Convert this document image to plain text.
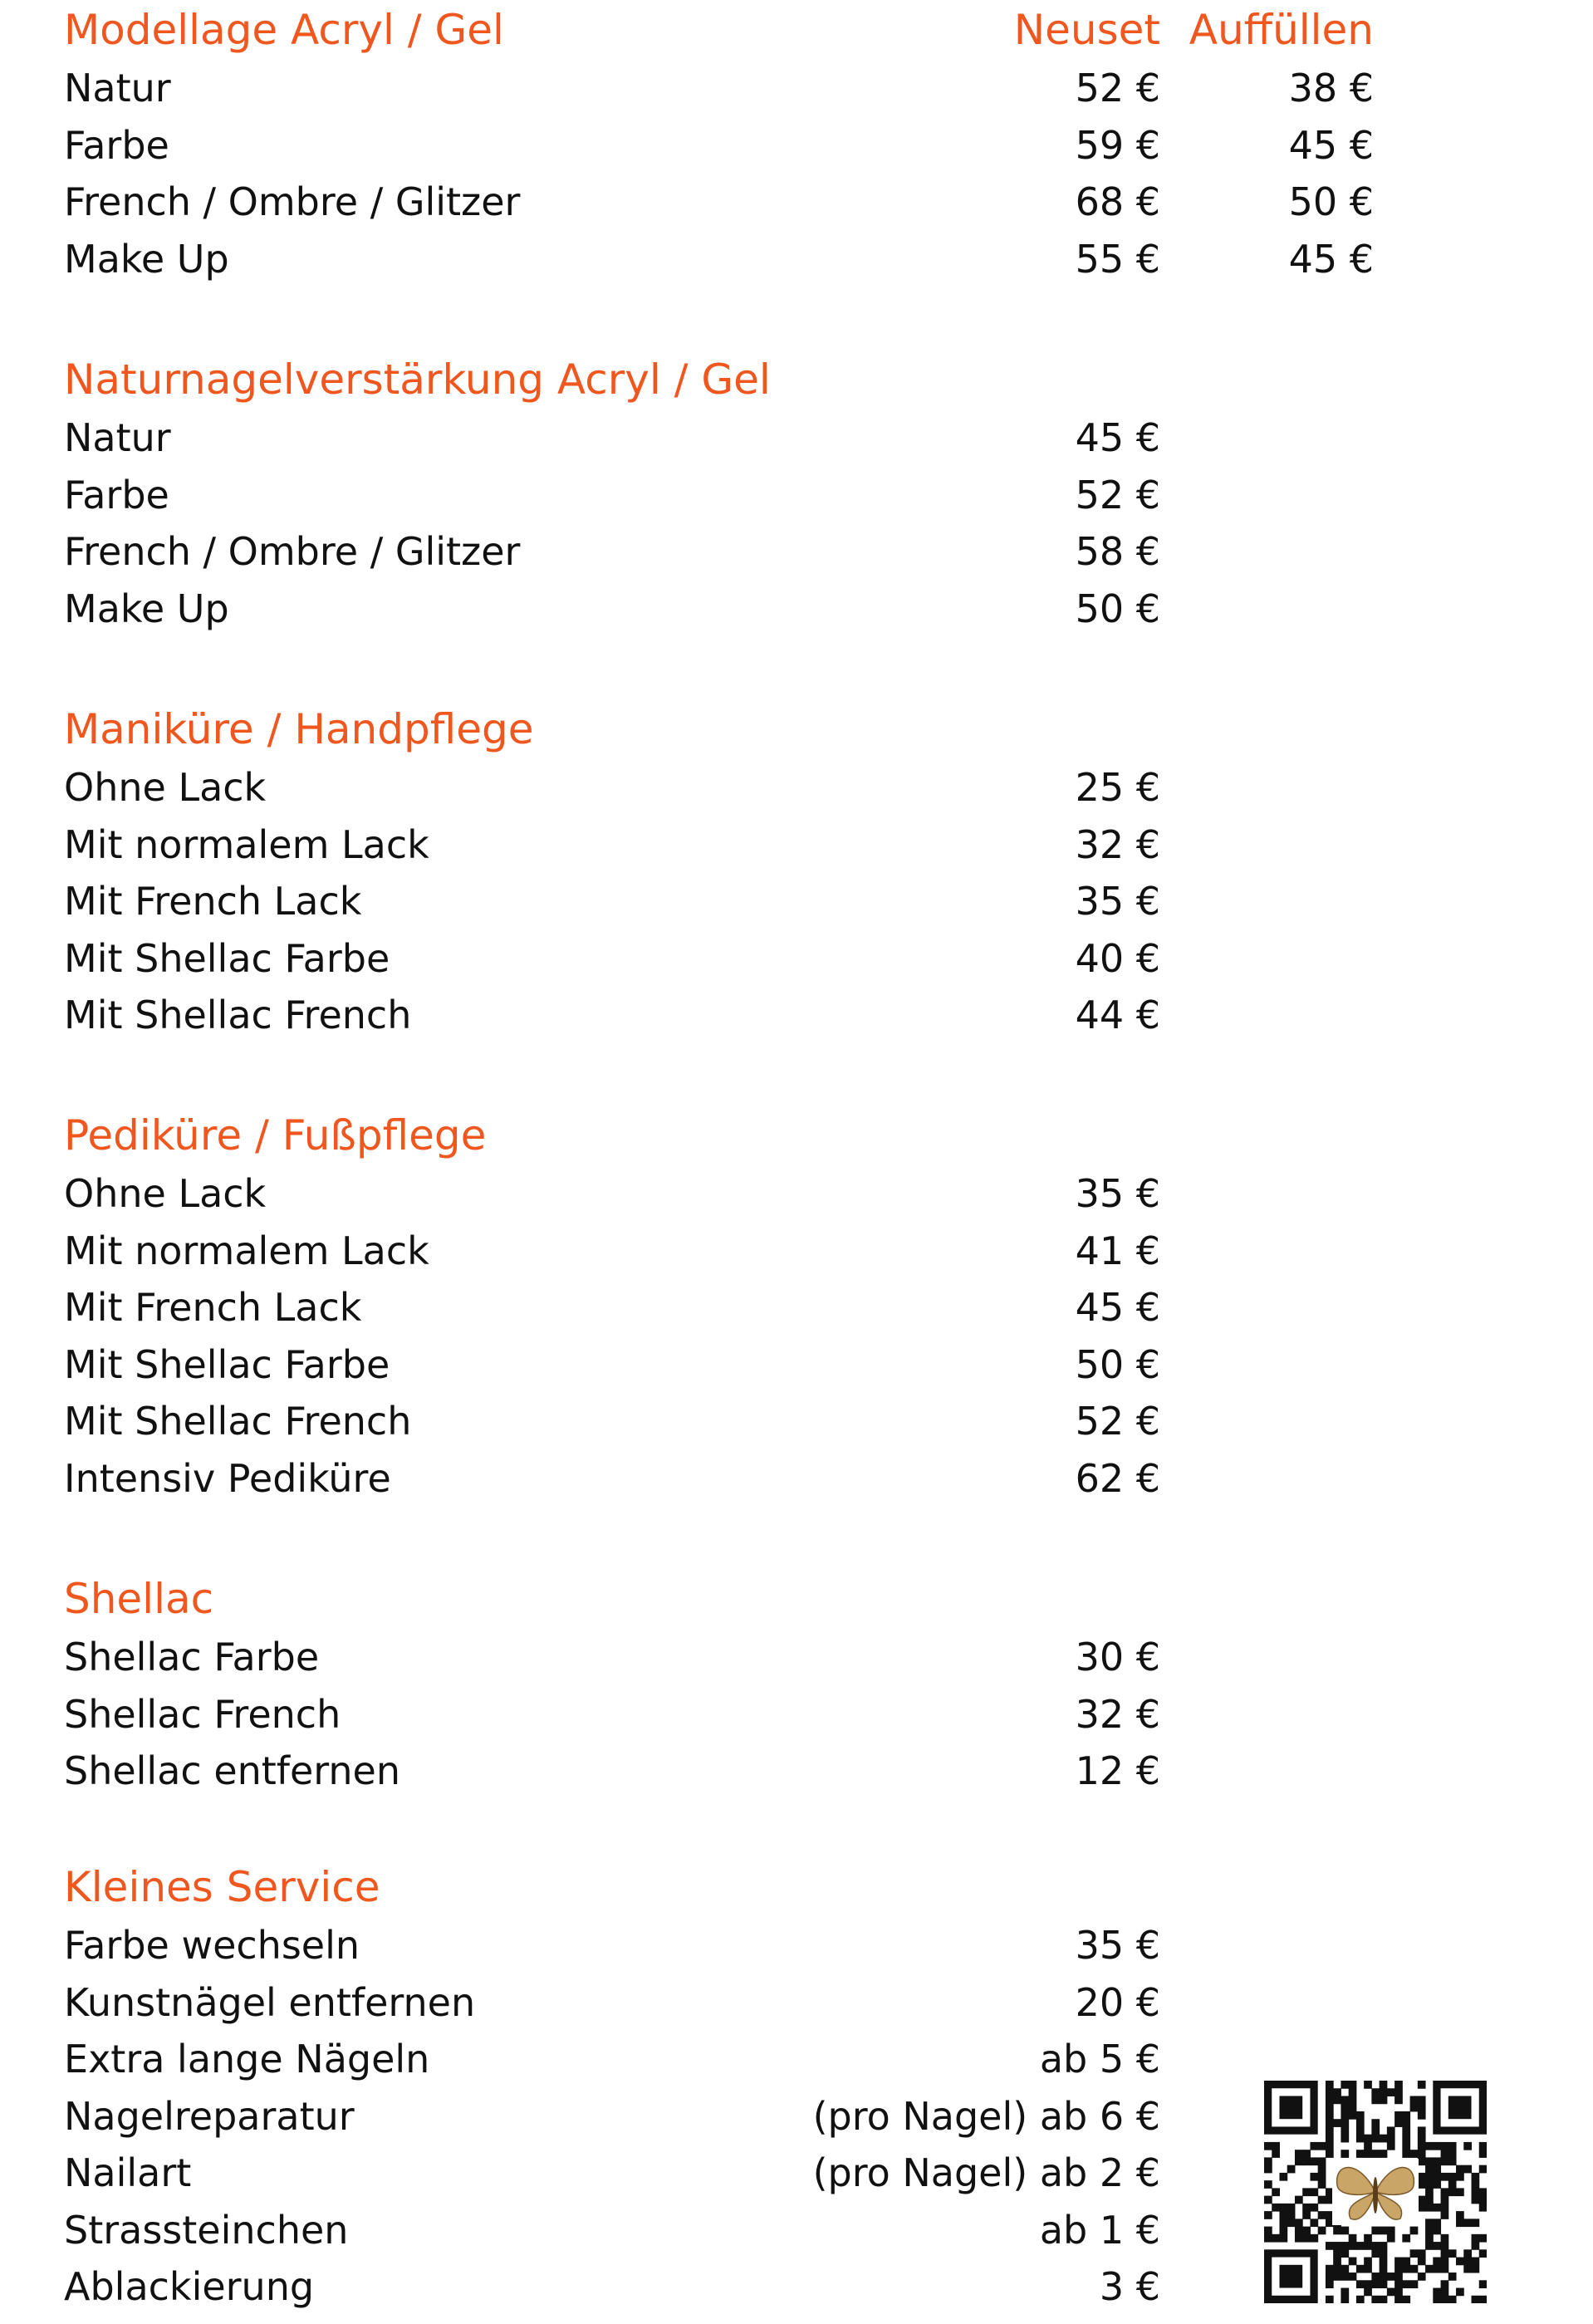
Modellage Acryl / Gel	Neuset Auffüllen
Natur	52 €	38 €
Farbe	59 €	45 €
French / Ombre / Glitzer	68 €	50 €
Make Up	55 €	45 €
Naturnagelverstärkung Acryl / Gel
Natur	45 €
Farbe	52 €
French / Ombre / Glitzer	58 €
Make Up	50 €
Maniküre / Handpflege
Ohne Lack	25 €
Mit normalem Lack	32 €
Mit French Lack	35 €
Mit Shellac Farbe	40 €
Mit Shellac French	44 €
Pediküre / Fußpflege
Ohne Lack	35 €
Mit normalem Lack	41 €
Mit French Lack	45 €
Mit Shellac Farbe	50 €
Mit Shellac French	52 €
Intensiv Pediküre	62 €
Shellac
Shellac Farbe	30 €
Shellac French	32 €
Shellac entfernen	12 €
Kleines Service
Farbe wechseln	35 €
Kunstnägel entfernen	20 €
Extra lange Nägeln	ab 5 €
Nagelreparatur	(pro Nagel) ab 6 €
Nailart	(pro Nagel) ab 2 €
Strassteinchen	ab 1 €
Ablackierung	3 €
